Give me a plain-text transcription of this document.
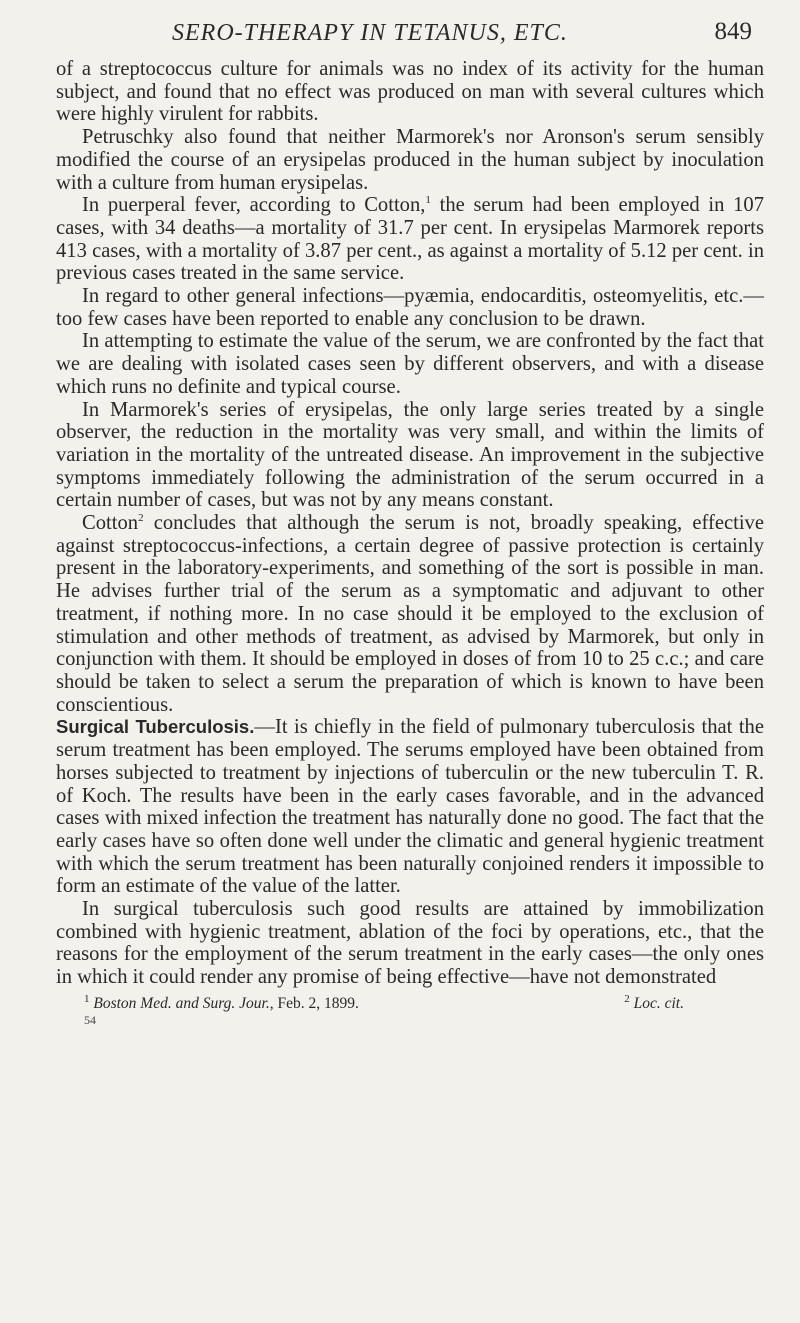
SERO-THERAPY IN TETANUS, ETC.	849

of a streptococcus culture for animals was no index of its activity for the human subject, and found that no effect was produced on man with several cultures which were highly virulent for rabbits.

Petruschky also found that neither Marmorek's nor Aronson's serum sensibly modified the course of an erysipelas produced in the human subject by inoculation with a culture from human erysipelas.

In puerperal fever, according to Cotton,$^1$ the serum had been employed in 107 cases, with 34 deaths—a mortality of 31.7 per cent. In erysipelas Marmorek reports 413 cases, with a mortality of 3.87 per cent., as against a mortality of 5.12 per cent. in previous cases treated in the same service.

In regard to other general infections—pyæmia, endocarditis, osteomyelitis, etc.—too few cases have been reported to enable any conclusion to be drawn.

In attempting to estimate the value of the serum, we are confronted by the fact that we are dealing with isolated cases seen by different observers, and with a disease which runs no definite and typical course.

In Marmorek's series of erysipelas, the only large series treated by a single observer, the reduction in the mortality was very small, and within the limits of variation in the mortality of the untreated disease. An improvement in the subjective symptoms immediately following the administration of the serum occurred in a certain number of cases, but was not by any means constant.

Cotton$^2$ concludes that although the serum is not, broadly speaking, effective against streptococcus-infections, a certain degree of passive protection is certainly present in the laboratory-experiments, and something of the sort is possible in man. He advises further trial of the serum as a symptomatic and adjuvant to other treatment, if nothing more. In no case should it be employed to the exclusion of stimulation and other methods of treatment, as advised by Marmorek, but only in conjunction with them. It should be employed in doses of from 10 to 25 c.c.; and care should be taken to select a serum the preparation of which is known to have been conscientious.

Surgical Tuberculosis.—It is chiefly in the field of pulmonary tuberculosis that the serum treatment has been employed. The serums employed have been obtained from horses subjected to treatment by injections of tuberculin or the new tuberculin T. R. of Koch. The results have been in the early cases favorable, and in the advanced cases with mixed infection the treatment has naturally done no good. The fact that the early cases have so often done well under the climatic and general hygienic treatment with which the serum treatment has been naturally conjoined renders it impossible to form an estimate of the value of the latter.

In surgical tuberculosis such good results are attained by immobilization combined with hygienic treatment, ablation of the foci by operations, etc., that the reasons for the employment of the serum treatment in the early cases—the only ones in which it could render any promise of being effective—have not demonstrated

$^1$ Boston Med. and Surg. Jour., Feb. 2, 1899.	$^2$ Loc. cit.
54
